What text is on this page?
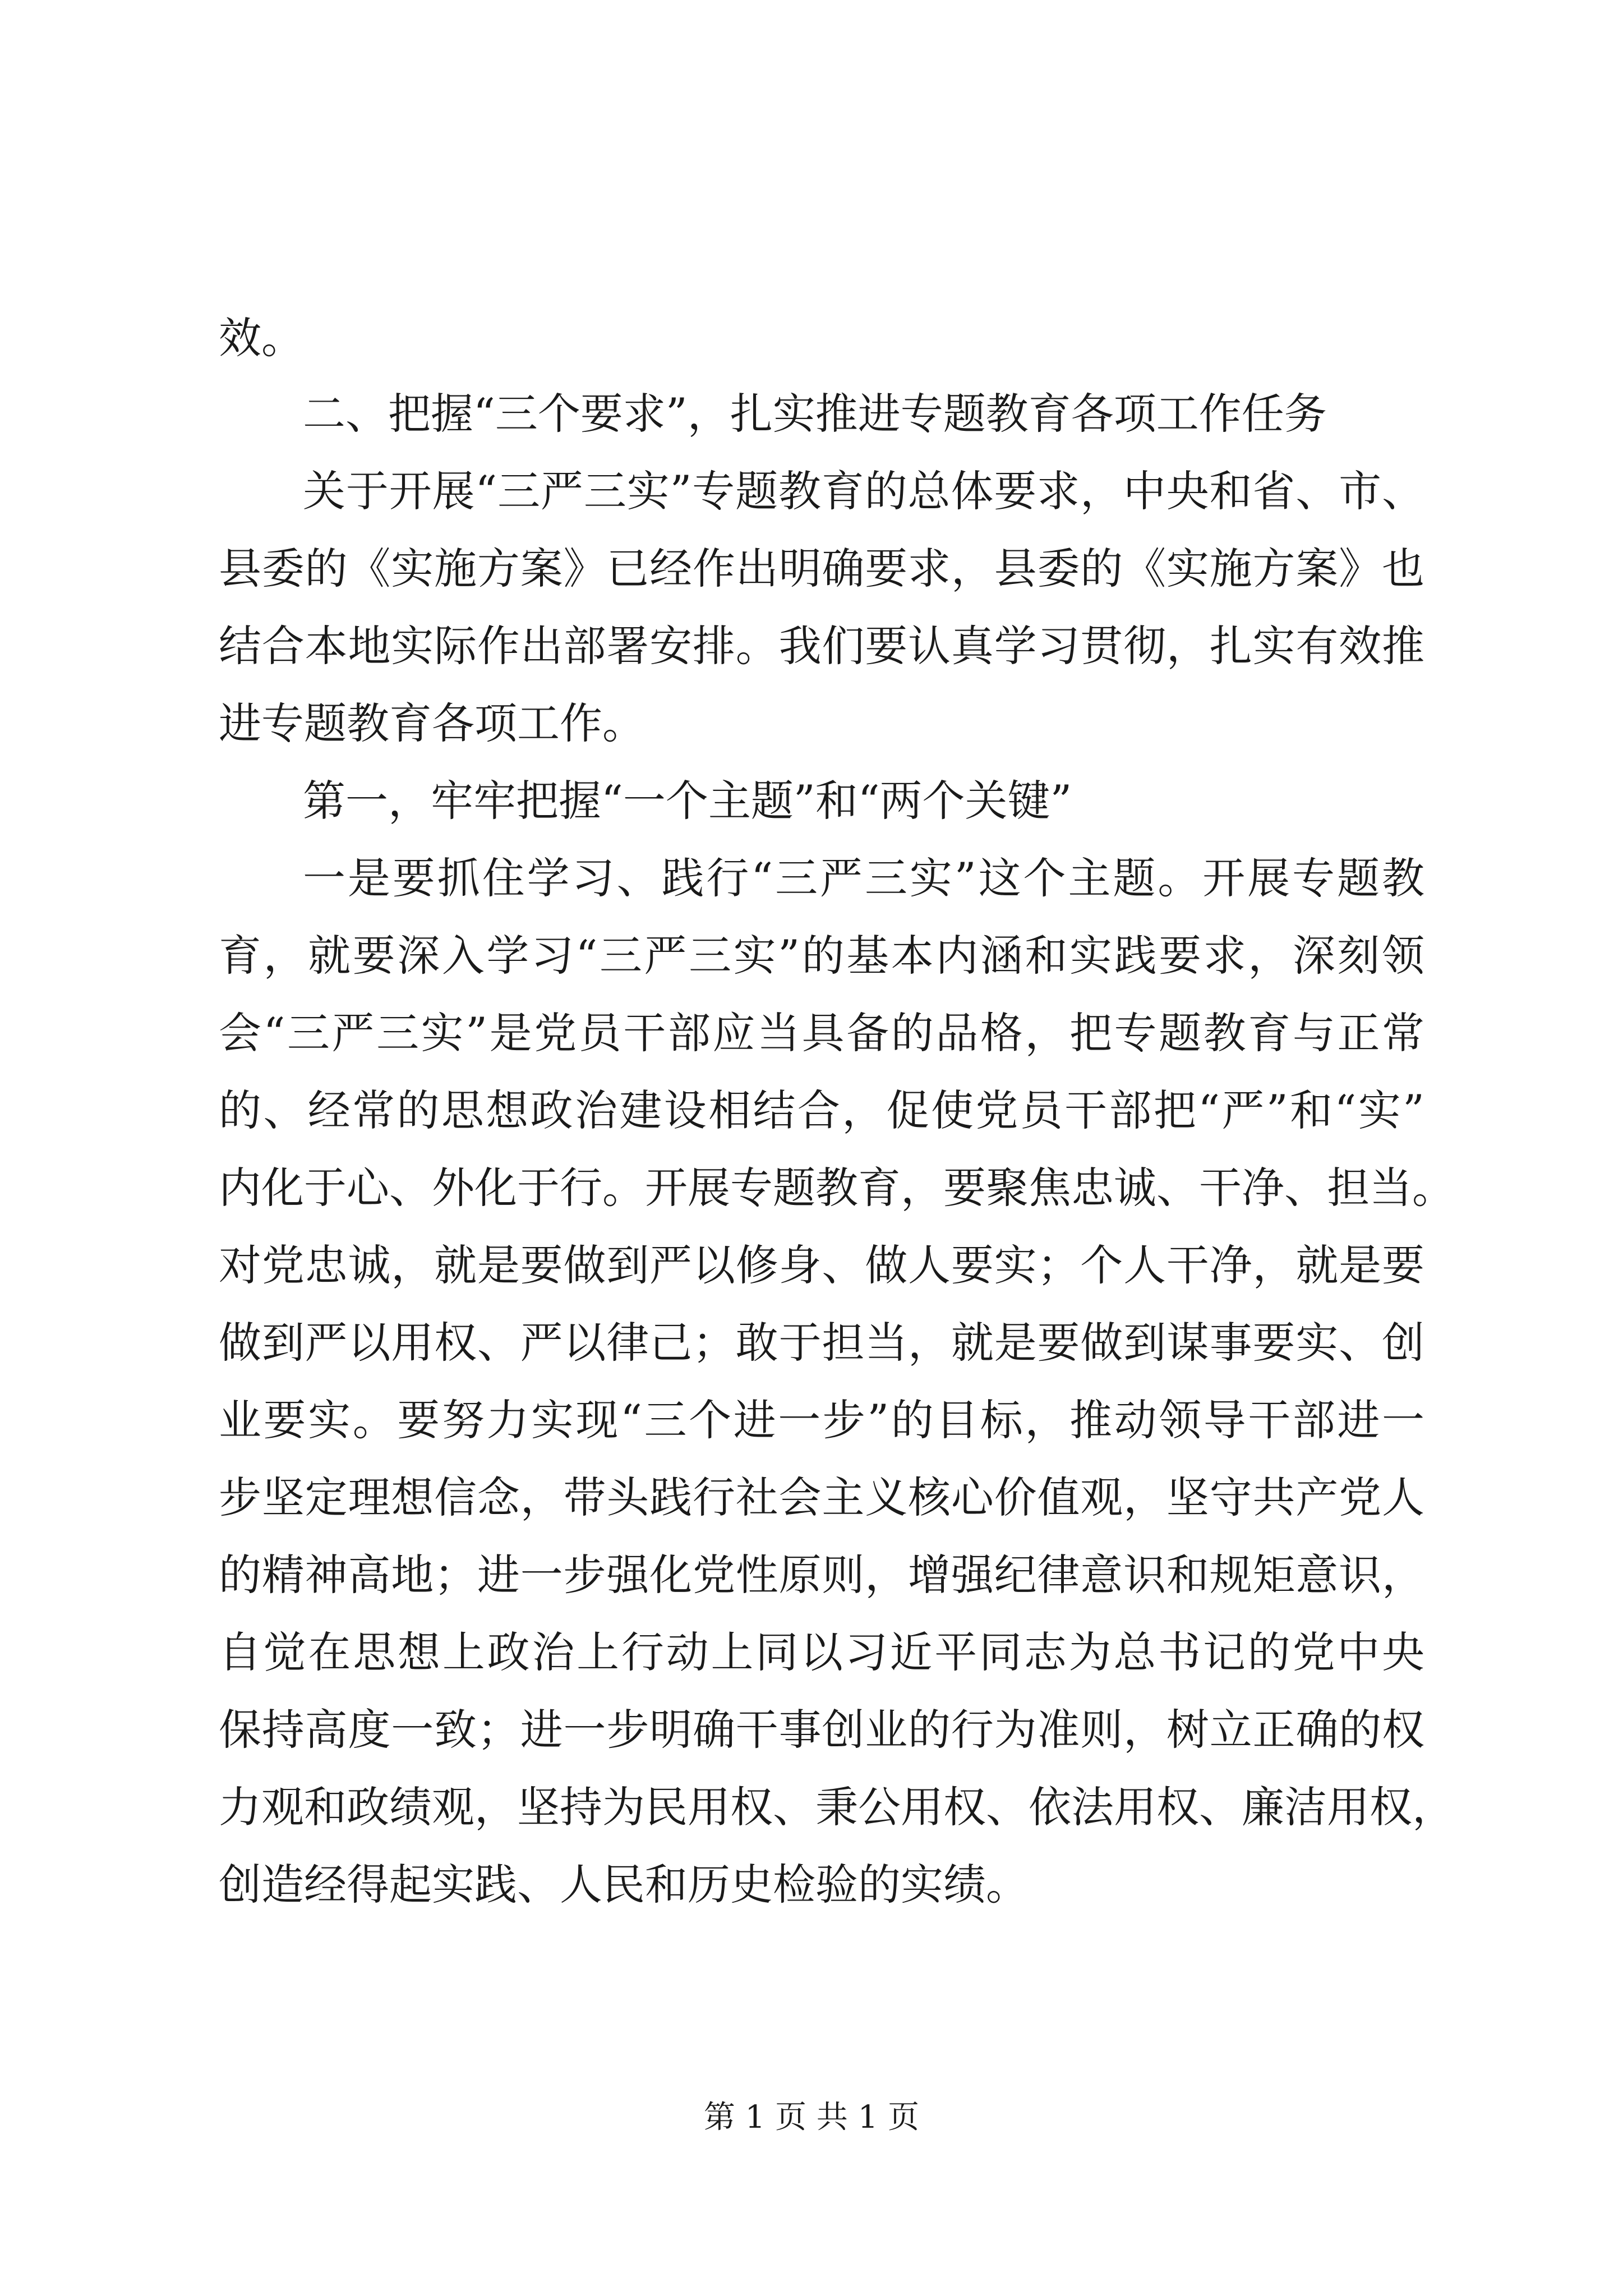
效。
二、把握“三个要求”，扎实推进专题教育各项工作任务
关于开展“三严三实”专题教育的总体要求，中央和省、市、
县委的《实施方案》已经作出明确要求，县委的《实施方案》也
结合本地实际作出部署安排。我们要认真学习贯彻，扎实有效推
进专题教育各项工作。
第一，牢牢把握“一个主题”和“两个关键”
一是要抓住学习、践行“三严三实”这个主题。开展专题教
育，就要深入学习“三严三实”的基本内涵和实践要求，深刻领
会“三严三实”是党员干部应当具备的品格，把专题教育与正常
的、经常的思想政治建设相结合，促使党员干部把“严”和“实”
内化于心、外化于行。开展专题教育，要聚焦忠诚、干净、担当。
对党忠诚，就是要做到严以修身、做人要实；个人干净，就是要
做到严以用权、严以律己；敢于担当，就是要做到谋事要实、创
业要实。要努力实现“三个进一步”的目标，推动领导干部进一
步坚定理想信念，带头践行社会主义核心价值观，坚守共产党人
的精神高地；进一步强化党性原则，增强纪律意识和规矩意识，
自觉在思想上政治上行动上同以习近平同志为总书记的党中央
保持高度一致；进一步明确干事创业的行为准则，树立正确的权
力观和政绩观，坚持为民用权、秉公用权、依法用权、廉洁用权，
创造经得起实践、人民和历史检验的实绩。
第 1 页 共 1 页
